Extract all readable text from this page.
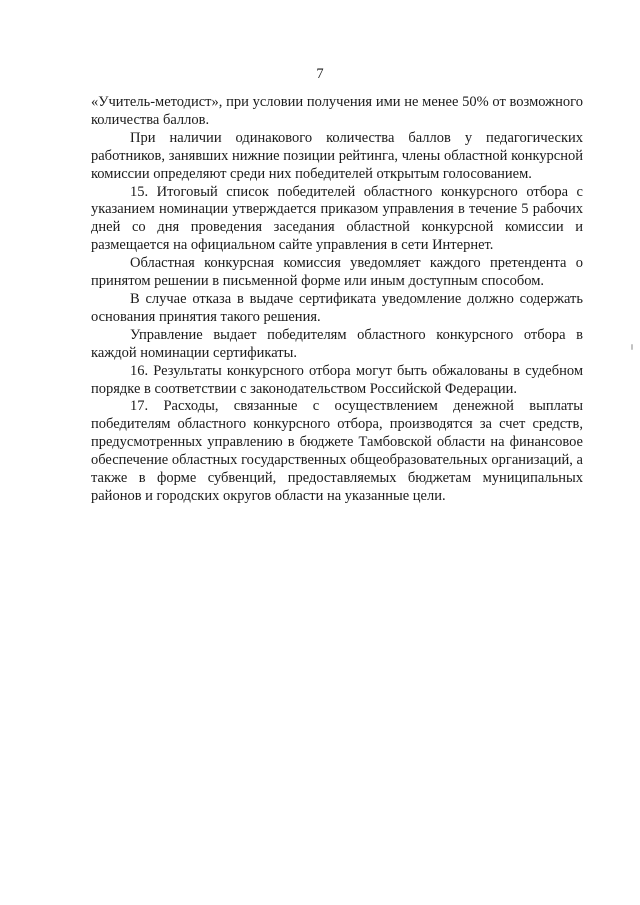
7

«Учитель-методист», при условии получения ими не менее 50% от возможного количества баллов.

При наличии одинакового количества баллов у педагогических работников, занявших нижние позиции рейтинга, члены областной конкурсной комиссии определяют среди них победителей открытым голосованием.

15. Итоговый список победителей областного конкурсного отбора с указанием номинации утверждается приказом управления в течение 5 рабочих дней со дня проведения заседания областной конкурсной комиссии и размещается на официальном сайте управления в сети Интернет.

Областная конкурсная комиссия уведомляет каждого претендента о принятом решении в письменной форме или иным доступным способом.

В случае отказа в выдаче сертификата уведомление должно содержать основания принятия такого решения.

Управление выдает победителям областного конкурсного отбора в каждой номинации сертификаты.

16. Результаты конкурсного отбора могут быть обжалованы в судебном порядке в соответствии с законодательством Российской Федерации.

17. Расходы, связанные с осуществлением денежной выплаты победителям областного конкурсного отбора, производятся за счет средств, предусмотренных управлению в бюджете Тамбовской области на финансовое обеспечение областных государственных общеобразовательных организаций, а также в форме субвенций, предоставляемых бюджетам муниципальных районов и городских округов области на указанные цели.
